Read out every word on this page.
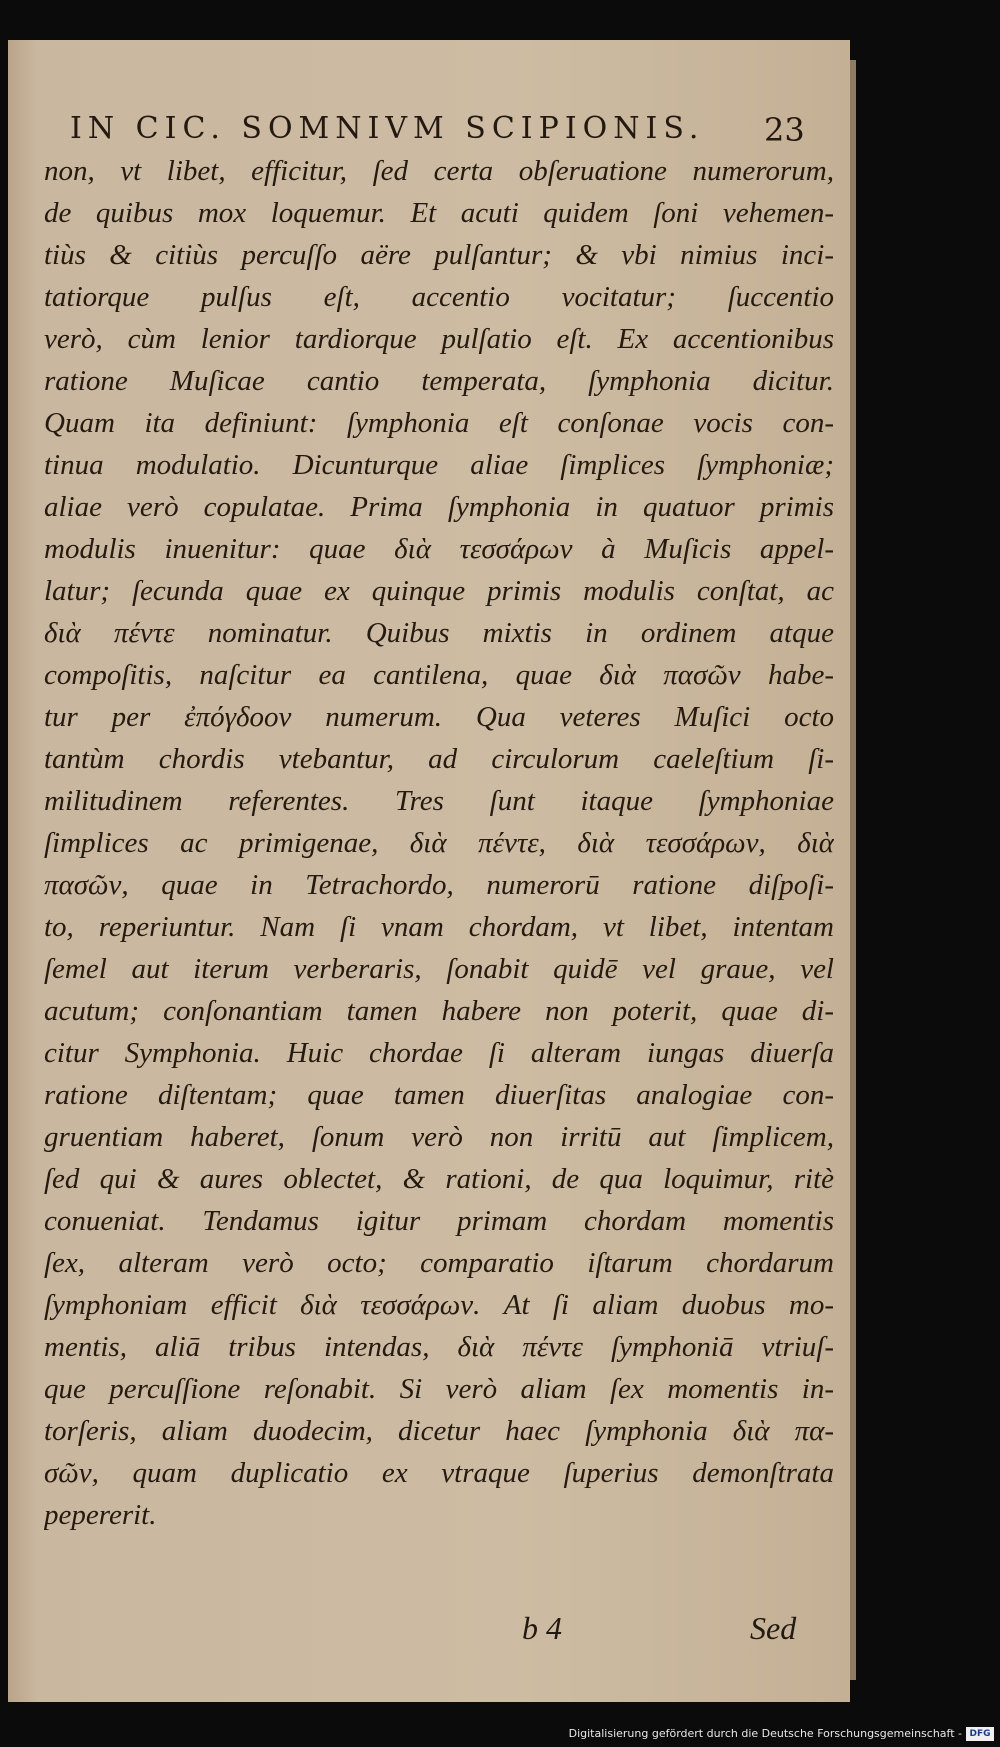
IN CIC. SOMNIVM SCIPIONIS. 23
non, vt libet, efficitur, ſed certa obſeruatione numerorum,
de quibus mox loquemur. Et acuti quidem ſoni vehemen-
tiùs & citiùs percuſſo aëre pulſantur; & vbi nimius inci-
tatiorque pulſus eſt, accentio vocitatur; ſuccentio
verò, cùm lenior tardiorque pulſatio eſt. Ex accentionibus
ratione Muſicae cantio temperata, ſymphonia dicitur.
Quam ita definiunt: ſymphonia eſt conſonae vocis con-
tinua modulatio. Dicunturque aliae ſimplices ſymphoniæ;
aliae verò copulatae. Prima ſymphonia in quatuor primis
modulis inuenitur: quae διὰ τεσσάρων à Muſicis appel-
latur; ſecunda quae ex quinque primis modulis conſtat, ac
διὰ πέντε nominatur. Quibus mixtis in ordinem atque
compoſitis, naſcitur ea cantilena, quae διὰ πασῶν habe-
tur per ἐπόγδοον numerum. Qua veteres Muſici octo
tantùm chordis vtebantur, ad circulorum caeleſtium ſi-
militudinem referentes. Tres ſunt itaque ſymphoniae
ſimplices ac primigenae, διὰ πέντε, διὰ τεσσάρων, διὰ
πασῶν, quae in Tetrachordo, numerorū ratione diſpoſi-
to, reperiuntur. Nam ſi vnam chordam, vt libet, intentam
ſemel aut iterum verberaris, ſonabit quidē vel graue, vel
acutum; conſonantiam tamen habere non poterit, quae di-
citur Symphonia. Huic chordae ſi alteram iungas diuerſa
ratione diſtentam; quae tamen diuerſitas analogiae con-
gruentiam haberet, ſonum verò non irritū aut ſimplicem,
ſed qui & aures oblectet, & rationi, de qua loquimur, ritè
conueniat. Tendamus igitur primam chordam momentis
ſex, alteram verò octo; comparatio iſtarum chordarum
ſymphoniam efficit διὰ τεσσάρων. At ſi aliam duobus mo-
mentis, aliā tribus intendas, διὰ πέντε ſymphoniā vtriuſ-
que percuſſione reſonabit. Si verò aliam ſex momentis in-
torſeris, aliam duodecim, dicetur haec ſymphonia διὰ πα-
σῶν, quam duplicatio ex vtraque ſuperius demonſtrata
pepererit.
b 4	Sed
Digitalisierung gefördert durch die Deutsche Forschungsgemeinschaft - DFG
